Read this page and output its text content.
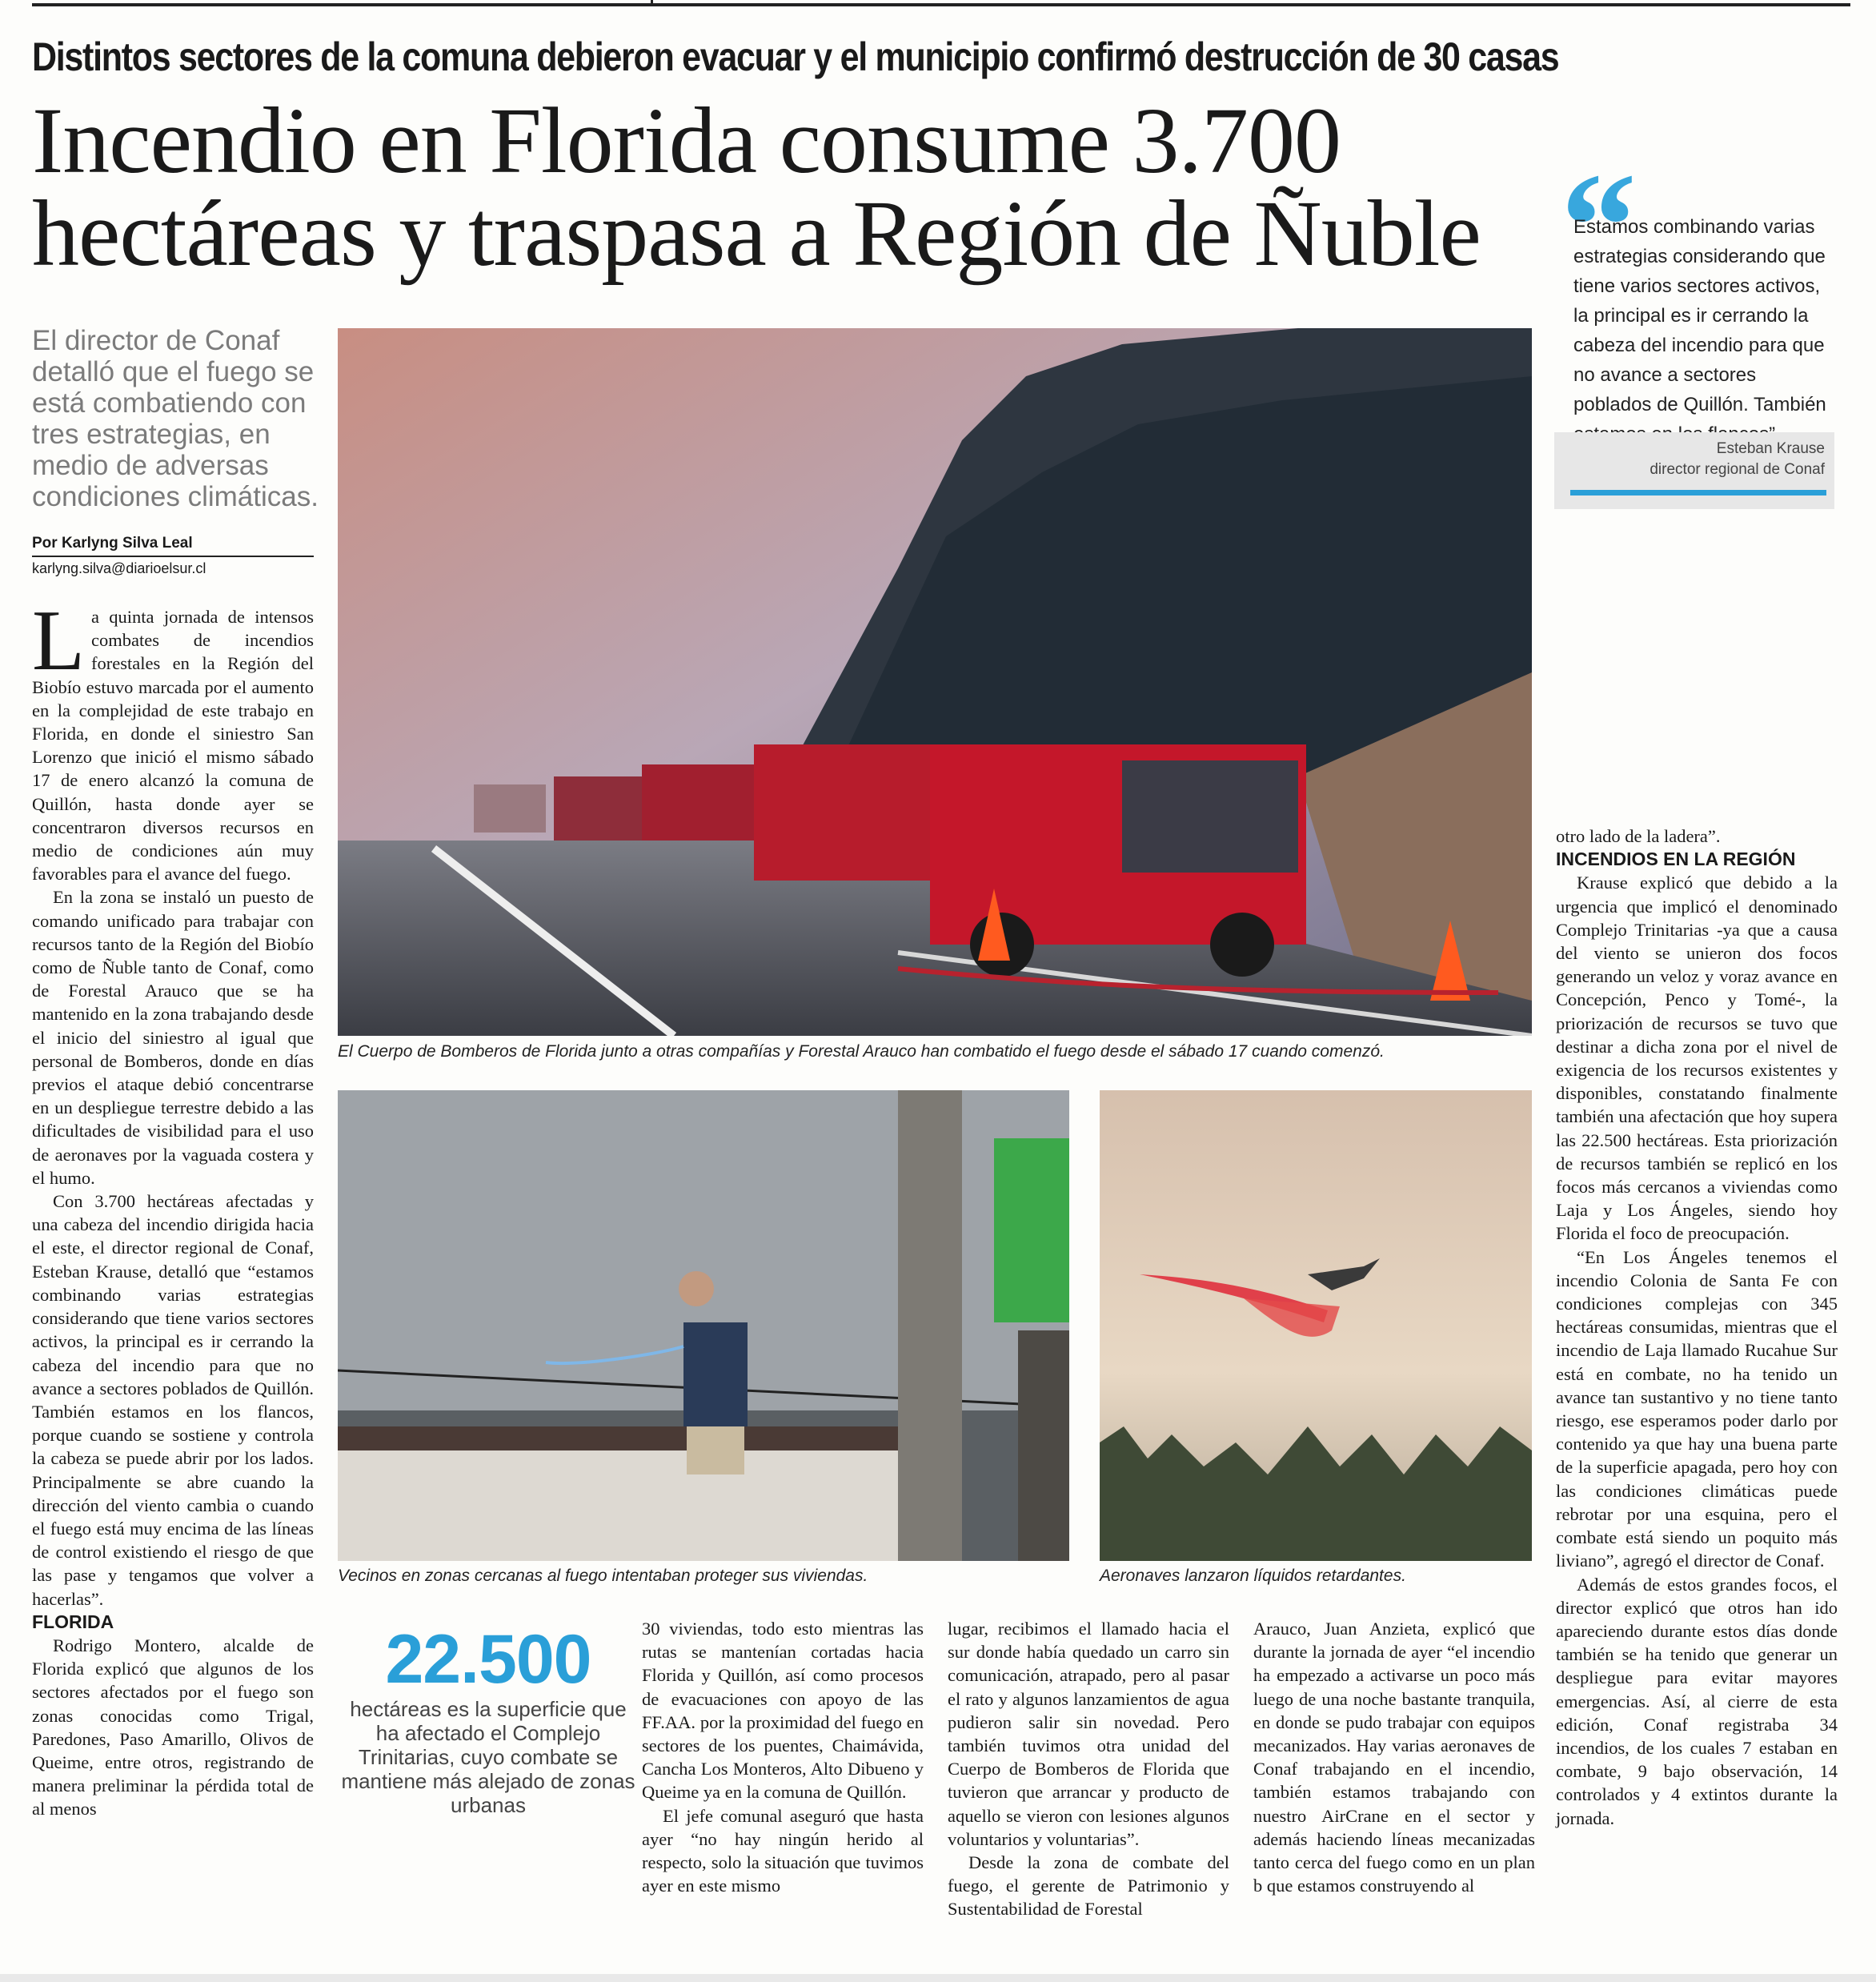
Distintos sectores de la comuna debieron evacuar y el municipio confirmó destrucción de 30 casas
Incendio en Florida consume 3.700
hectáreas y traspasa a Región de Ñuble
El director de Conaf detalló que el fuego se está combatiendo con tres estrategias, en medio de adversas condiciones climáticas.
Por Karlyng Silva Leal
karlyng.silva@diarioelsur.cl

La quinta jornada de intensos combates de incendios forestales en la Región del Biobío estuvo marcada por el aumento en la complejidad de este trabajo en Florida, en donde el siniestro San Lorenzo que inició el mismo sábado 17 de enero alcanzó la comuna de Quillón, hasta donde ayer se concentraron diversos recursos en medio de condiciones aún muy favorables para el avance del fuego.

En la zona se instaló un puesto de comando unificado para trabajar con recursos tanto de la Región del Biobío como de Ñuble tanto de Conaf, como de Forestal Arauco que se ha mantenido en la zona trabajando desde el inicio del siniestro al igual que personal de Bomberos, donde en días previos el ataque debió concentrarse en un despliegue terrestre debido a las dificultades de visibilidad para el uso de aeronaves por la vaguada costera y el humo.

Con 3.700 hectáreas afectadas y una cabeza del incendio dirigida hacia el este, el director regional de Conaf, Esteban Krause, detalló que “estamos combinando varias estrategias considerando que tiene varios sectores activos, la principal es ir cerrando la cabeza del incendio para que no avance a sectores poblados de Quillón. También estamos en los flancos, porque cuando se sostiene y controla la cabeza se puede abrir por los lados. Principalmente se abre cuando la dirección del viento cambia o cuando el fuego está muy encima de las líneas de control existiendo el riesgo de que las pase y tengamos que volver a hacerlas”.

FLORIDA

Rodrigo Montero, alcalde de Florida explicó que algunos de los sectores afectados por el fuego son zonas conocidas como Trigal, Paredones, Paso Amarillo, Olivos de Queime, entre otros, registrando de manera preliminar la pérdida total de al menos

El Cuerpo de Bomberos de Florida junto a otras compañías y Forestal Arauco han combatido el fuego desde el sábado 17 cuando comenzó.
Vecinos en zonas cercanas al fuego intentaban proteger sus viviendas.	Aeronaves lanzaron líquidos retardantes.
22.500
hectáreas es la superficie que ha afectado el Complejo Trinitarias, cuyo combate se mantiene más alejado de zonas urbanas

30 viviendas, todo esto mientras las rutas se mantenían cortadas hacia Florida y Quillón, así como procesos de evacuaciones con apoyo de las FF.AA. por la proximidad del fuego en sectores de los puentes, Chaimávida, Cancha Los Monteros, Alto Dibueno y Queime ya en la comuna de Quillón.

El jefe comunal aseguró que hasta ayer “no hay ningún herido al respecto, solo la situación que tuvimos ayer en este mismo

lugar, recibimos el llamado hacia el sur donde había quedado un carro sin comunicación, atrapado, pero al pasar el rato y algunos lanzamientos de agua pudieron salir sin novedad. Pero también tuvimos otra unidad del Cuerpo de Bomberos de Florida que tuvieron que arrancar y producto de aquello se vieron con lesiones algunos voluntarios y voluntarias”.

Desde la zona de combate del fuego, el gerente de Patrimonio y Sustentabilidad de Forestal

Arauco, Juan Anzieta, explicó que durante la jornada de ayer “el incendio ha empezado a activarse un poco más luego de una noche bastante tranquila, en donde se pudo trabajar con equipos mecanizados. Hay varias aeronaves de Conaf trabajando en el incendio, también estamos trabajando con nuestro AirCrane en el sector y además haciendo líneas mecanizadas tanto cerca del fuego como en un plan b que estamos construyendo al

otro lado de la ladera”.

INCENDIOS EN LA REGIÓN

Krause explicó que debido a la urgencia que implicó el denominado Complejo Trinitarias -ya que a causa del viento se unieron dos focos generando un veloz y voraz avance en Concepción, Penco y Tomé-, la priorización de recursos se tuvo que destinar a dicha zona por el nivel de exigencia de los recursos existentes y disponibles, constatando finalmente también una afectación que hoy supera las 22.500 hectáreas. Esta priorización de recursos también se replicó en los focos más cercanos a viviendas como Laja y Los Ángeles, siendo hoy Florida el foco de preocupación.

“En Los Ángeles tenemos el incendio Colonia de Santa Fe con condiciones complejas con 345 hectáreas consumidas, mientras que el incendio de Laja llamado Rucahue Sur está en combate, no ha tenido un avance tan sustantivo y no tiene tanto riesgo, ese esperamos poder darlo por contenido ya que hay una buena parte de la superficie apagada, pero hoy con las condiciones climáticas puede rebrotar por una esquina, pero el combate está siendo un poquito más liviano”, agregó el director de Conaf.

Además de estos grandes focos, el director explicó que otros han ido apareciendo durante estos días donde también se ha tenido que generar un despliegue para evitar mayores emergencias. Así, al cierre de esta edición, Conaf registraba 34 incendios, de los cuales 7 estaban en combate, 9 bajo observación, 14 controlados y 4 extintos durante la jornada.

“
Estamos combinando varias estrategias considerando que tiene varios sectores activos, la principal es ir cerrando la cabeza del incendio para que no avance a sectores poblados de Quillón. También
Esteban Krause
director regional de Conaf
